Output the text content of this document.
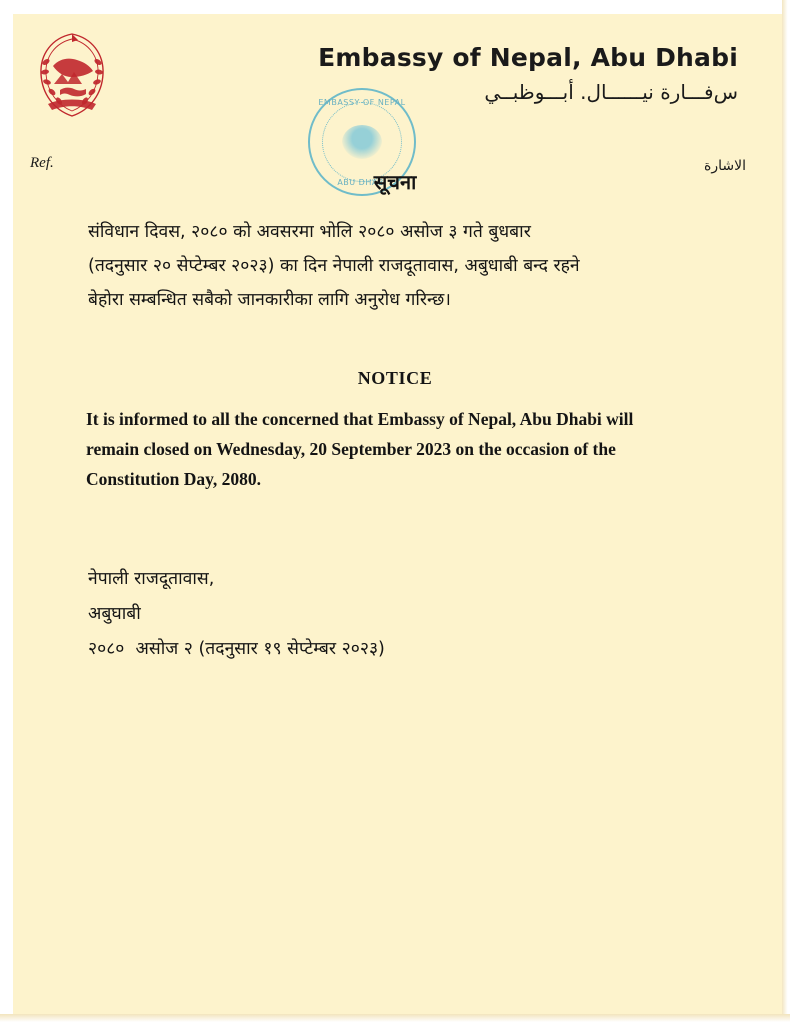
Embassy of Nepal, Abu Dhabi
س‌فـــارة نيــــــال. أبـــوظبــي
Ref.	الاشارة
EMBASSY OF NEPAL
ABU DHABI
सूचना

संविधान दिवस, २०८० को अवसरमा भोलि २०८० असोज ३ गते बुधबार

(तदनुसार २० सेप्टेम्बर २०२३) का दिन नेपाली राजदूतावास, अबुधाबी बन्द रहने

बेहोरा सम्बन्धित सबैको जानकारीका लागि अनुरोध गरिन्छ।

NOTICE

It is informed to all the concerned that Embassy of Nepal, Abu Dhabi will

remain closed on Wednesday, 20 September 2023 on the occasion of the

Constitution Day, 2080.

नेपाली राजदूतावास,
अबुघाबी
२०८०  असोज २ (तदनुसार १९ सेप्टेम्बर २०२३)
